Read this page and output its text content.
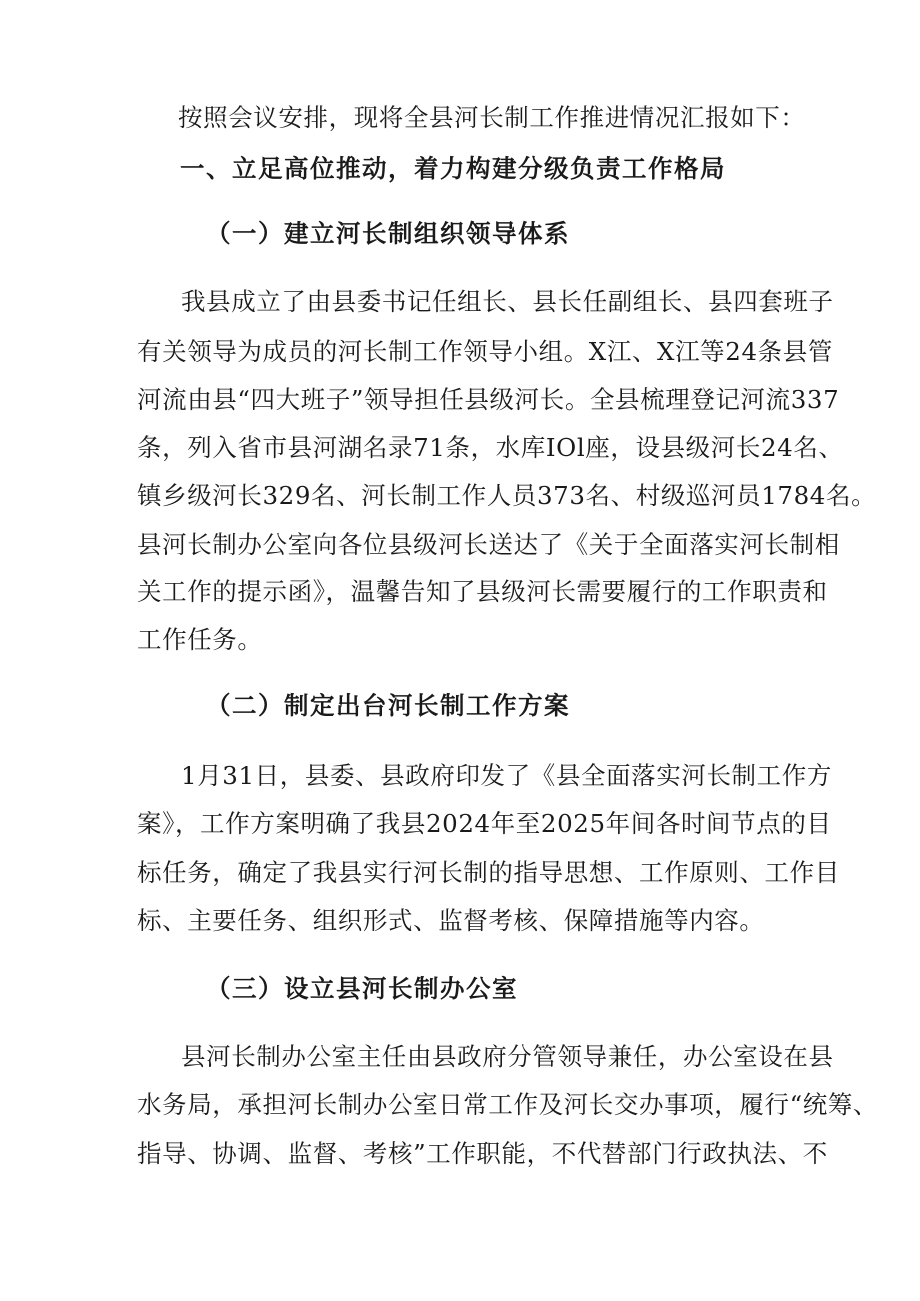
按照会议安排，现将全县河长制工作推进情况汇报如下：
一、立足高位推动，着力构建分级负责工作格局
（一）建立河长制组织领导体系
我县成立了由县委书记任组长、县长任副组长、县四套班子
有关领导为成员的河长制工作领导小组。X江、X江等24条县管
河流由县“四大班子”领导担任县级河长。全县梳理登记河流337
条，列入省市县河湖名录71条，水库IOl座，设县级河长24名、
镇乡级河长329名、河长制工作人员373名、村级巡河员1784名。
县河长制办公室向各位县级河长送达了《关于全面落实河长制相
关工作的提示函》，温馨告知了县级河长需要履行的工作职责和
工作任务。
（二）制定出台河长制工作方案
1月31日，县委、县政府印发了《县全面落实河长制工作方
案》，工作方案明确了我县2024年至2025年间各时间节点的目
标任务，确定了我县实行河长制的指导思想、工作原则、工作目
标、主要任务、组织形式、监督考核、保障措施等内容。
（三）设立县河长制办公室
县河长制办公室主任由县政府分管领导兼任，办公室设在县
水务局，承担河长制办公室日常工作及河长交办事项，履行“统筹、
指导、协调、监督、考核”工作职能，不代替部门行政执法、不
